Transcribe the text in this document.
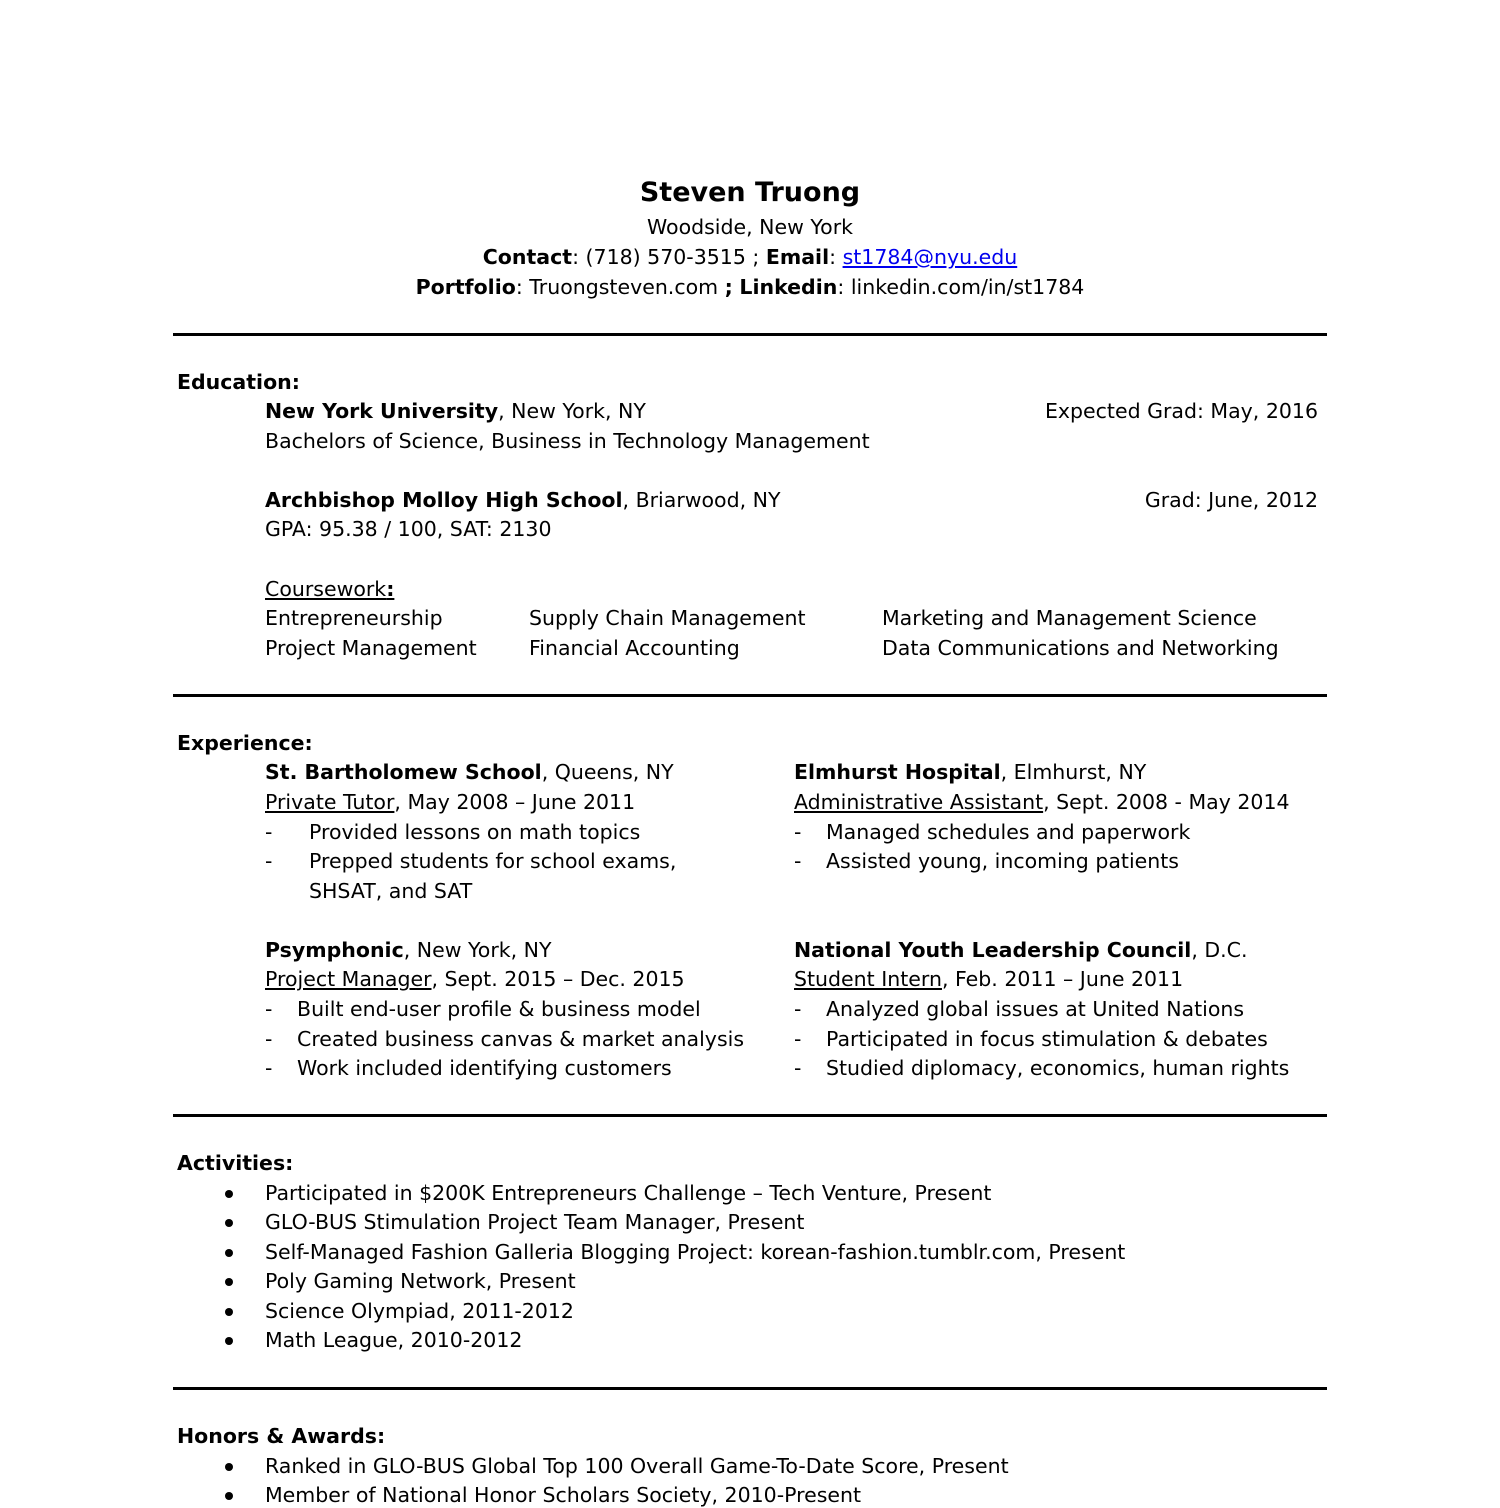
Steven Truong
Woodside, New York
Contact: (718) 570-3515 ; Email: st1784@nyu.edu
Portfolio: Truongsteven.com ; Linkedin: linkedin.com/in/st1784
Education:
New York University, New York, NY	Expected Grad: May, 2016
Bachelors of Science, Business in Technology Management
Archbishop Molloy High School, Briarwood, NY	Grad: June, 2012
GPA: 95.38 / 100, SAT: 2130
Coursework:
Entrepreneurship	Supply Chain Management	Marketing and Management Science
Project Management	Financial Accounting	Data Communications and Networking
Experience:
St. Bartholomew School, Queens, NY
Private Tutor, May 2008 – June 2011
- Provided lessons on math topics
- Prepped students for school exams,
SHSAT, and SAT
Elmhurst Hospital, Elmhurst, NY
Administrative Assistant, Sept. 2008 - May 2014
- Managed schedules and paperwork
- Assisted young, incoming patients
Psymphonic, New York, NY
Project Manager, Sept. 2015 – Dec. 2015
- Built end-user profile & business model
- Created business canvas & market analysis
- Work included identifying customers
National Youth Leadership Council, D.C.
Student Intern, Feb. 2011 – June 2011
- Analyzed global issues at United Nations
- Participated in focus stimulation & debates
- Studied diplomacy, economics, human rights
Activities:
Participated in $200K Entrepreneurs Challenge – Tech Venture, Present
GLO-BUS Stimulation Project Team Manager, Present
Self-Managed Fashion Galleria Blogging Project: korean-fashion.tumblr.com, Present
Poly Gaming Network, Present
Science Olympiad, 2011-2012
Math League, 2010-2012
Honors & Awards:
Ranked in GLO-BUS Global Top 100 Overall Game-To-Date Score, Present
Member of National Honor Scholars Society, 2010-Present
